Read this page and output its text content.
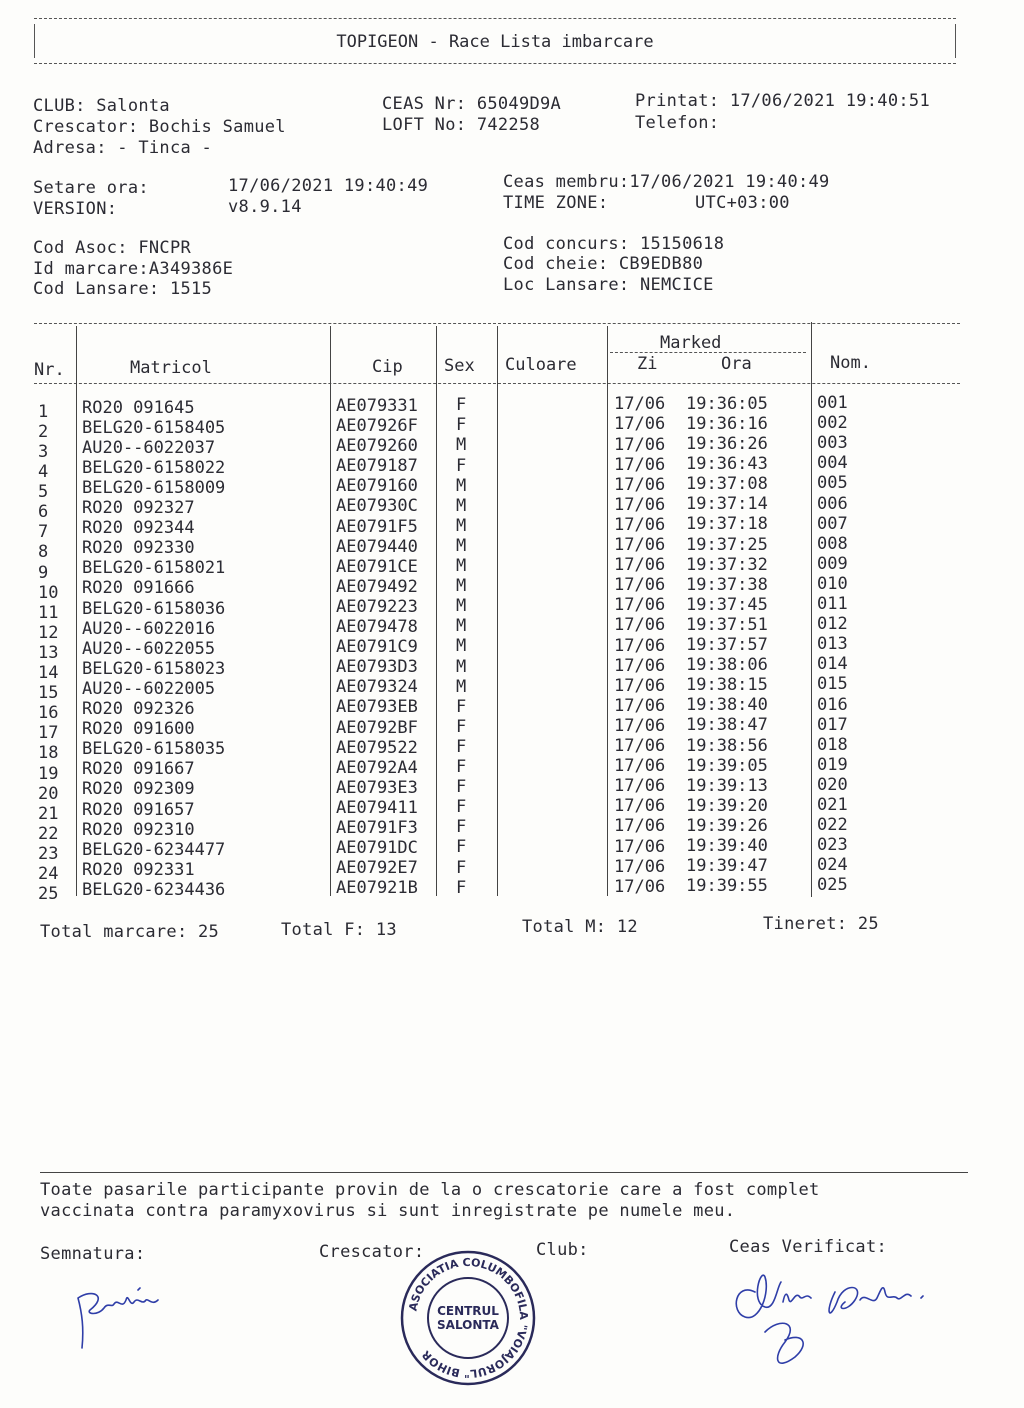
TOPIGEON - Race Lista imbarcare
CLUB: Salonta
Crescator: Bochis Samuel
Adresa: - Tinca -
CEAS Nr: 65049D9A
LOFT No: 742258
Printat: 17/06/2021 19:40:51
Telefon:
Setare ora:	17/06/2021 19:40:49
VERSION:	v8.9.14
Ceas membru:17/06/2021 19:40:49
TIME ZONE:	UTC+03:00
Cod Asoc: FNCPR
Id marcare:A349386E
Cod Lansare: 1515
Cod concurs: 15150618
Cod cheie: CB9EDB80
Loc Lansare: NEMCICE
Nr.	Matricol	Cip Sex Culoare
Marked
Zi	Ora	Nom.
1 RO20 091645	AE079331 F	17/06 19:36:05	001
2 BELG20-6158405	AE07926F F	17/06 19:36:16	002
3 AU20--6022037	AE079260 M	17/06 19:36:26	003
4 BELG20-6158022	AE079187 F	17/06 19:36:43	004
5 BELG20-6158009	AE079160 M	17/06 19:37:08	005
6 RO20 092327	AE07930C M	17/06 19:37:14	006
7 RO20 092344	AE0791F5 M	17/06 19:37:18	007
8 RO20 092330	AE079440 M	17/06 19:37:25	008
9 BELG20-6158021	AE0791CE M	17/06 19:37:32	009
10 RO20 091666	AE079492 M	17/06 19:37:38	010
11 BELG20-6158036	AE079223 M	17/06 19:37:45	011
12 AU20--6022016	AE079478 M	17/06 19:37:51	012
13 AU20--6022055	AE0791C9 M	17/06 19:37:57	013
14 BELG20-6158023	AE0793D3 M	17/06 19:38:06	014
15 AU20--6022005	AE079324 M	17/06 19:38:15	015
16 RO20 092326	AE0793EB F	17/06 19:38:40	016
17 RO20 091600	AE0792BF F	17/06 19:38:47	017
18 BELG20-6158035	AE079522 F	17/06 19:38:56	018
19 RO20 091667	AE0792A4 F	17/06 19:39:05	019
20 RO20 092309	AE0793E3 F	17/06 19:39:13	020
21 RO20 091657	AE079411 F	17/06 19:39:20	021
22 RO20 092310	AE0791F3 F	17/06 19:39:26	022
23 BELG20-6234477	AE0791DC F	17/06 19:39:40	023
24 RO20 092331	AE0792E7 F	17/06 19:39:47	024
25 BELG20-6234436	AE07921B F	17/06 19:39:55	025
Total marcare: 25	Total F: 13	Total M: 12	Tineret: 25
Toate pasarile participante provin de la o crescatorie care a fost complet
vaccinata contra paramyxovirus si sunt inregistrate pe numele meu.
Semnatura:	Crescator:	Club:	Ceas Verificat:
ASOCIATIA COLUMBOFILA "VOIAJORUL" BIHOR
CENTRUL
SALONTA
